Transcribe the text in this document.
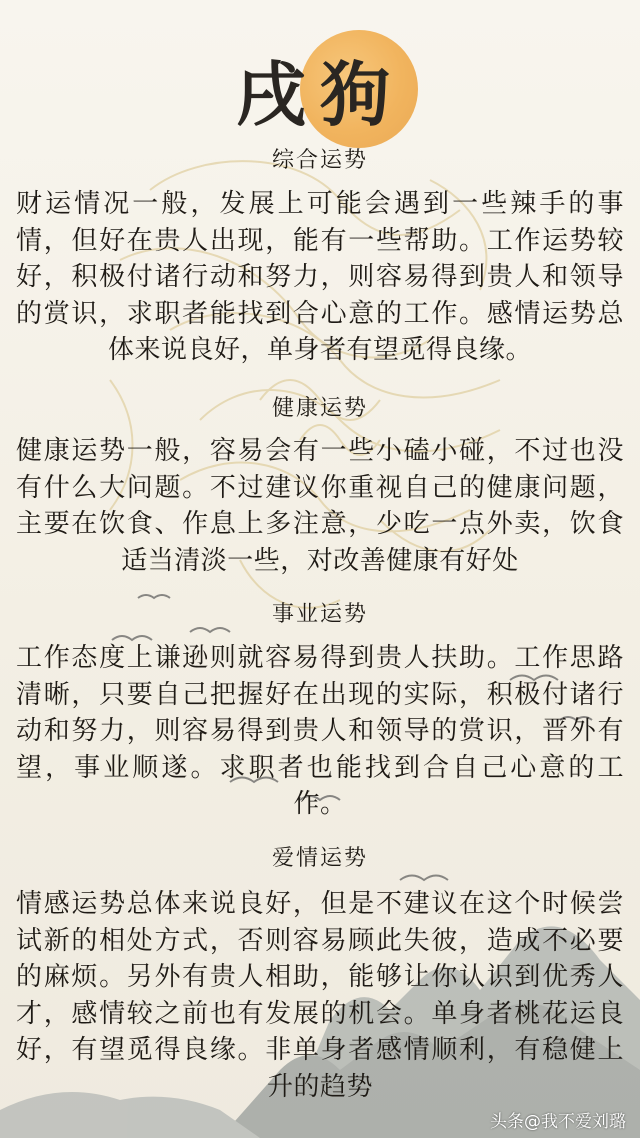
戌狗
综合运势
财运情况一般，发展上可能会遇到一些辣手的事情，但好在贵人出现，能有一些帮助。工作运势较好，积极付诸行动和努力，则容易得到贵人和领导的赏识，求职者能找到合心意的工作。感情运势总体来说良好，单身者有望觅得良缘。
健康运势
健康运势一般，容易会有一些小磕小碰，不过也没有什么大问题。不过建议你重视自己的健康问题，主要在饮食、作息上多注意，少吃一点外卖，饮食适当清淡一些，对改善健康有好处
事业运势
工作态度上谦逊则就容易得到贵人扶助。工作思路清晰，只要自己把握好在出现的实际，积极付诸行动和努力，则容易得到贵人和领导的赏识，晋外有望，事业顺遂。求职者也能找到合自己心意的工作。
爱情运势
情感运势总体来说良好，但是不建议在这个时候尝试新的相处方式，否则容易顾此失彼，造成不必要的麻烦。另外有贵人相助，能够让你认识到优秀人才，感情较之前也有发展的机会。单身者桃花运良好，有望觅得良缘。非单身者感情顺利，有稳健上升的趋势
头条@我不爱刘璐
